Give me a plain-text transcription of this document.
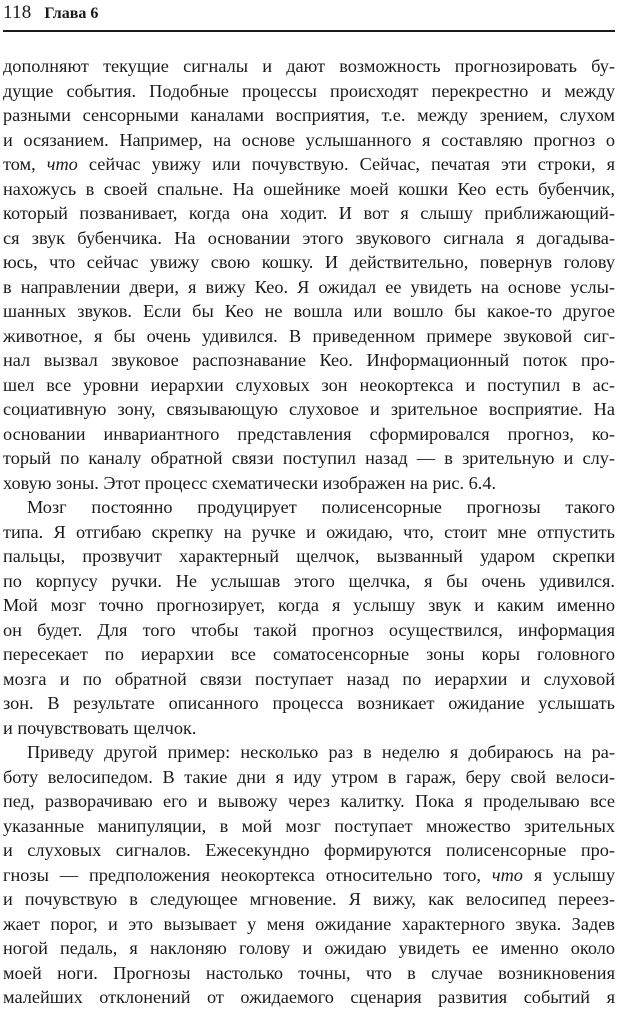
118 Глава 6
дополняют текущие сигналы и дают возможность прогнозировать бу-
дущие события. Подобные процессы происходят перекрестно и между
разными сенсорными каналами восприятия, т.е. между зрением, слухом
и осязанием. Например, на основе услышанного я составляю прогноз о
том, что сейчас увижу или почувствую. Сейчас, печатая эти строки, я
нахожусь в своей спальне. На ошейнике моей кошки Кео есть бубенчик,
который позванивает, когда она ходит. И вот я слышу приближающий-
ся звук бубенчика. На основании этого звукового сигнала я догадыва-
юсь, что сейчас увижу свою кошку. И действительно, повернув голову
в направлении двери, я вижу Кео. Я ожидал ее увидеть на основе услы-
шанных звуков. Если бы Кео не вошла или вошло бы какое-то другое
животное, я бы очень удивился. В приведенном примере звуковой сиг-
нал вызвал звуковое распознавание Кео. Информационный поток про-
шел все уровни иерархии слуховых зон неокортекса и поступил в ас-
социативную зону, связывающую слуховое и зрительное восприятие. На
основании инвариантного представления сформировался прогноз, ко-
торый по каналу обратной связи поступил назад — в зрительную и слу-
ховую зоны. Этот процесс схематически изображен на рис. 6.4.
Мозг постоянно продуцирует полисенсорные прогнозы такого
типа. Я отгибаю скрепку на ручке и ожидаю, что, стоит мне отпустить
пальцы, прозвучит характерный щелчок, вызванный ударом скрепки
по корпусу ручки. Не услышав этого щелчка, я бы очень удивился.
Мой мозг точно прогнозирует, когда я услышу звук и каким именно
он будет. Для того чтобы такой прогноз осуществился, информация
пересекает по иерархии все соматосенсорные зоны коры головного
мозга и по обратной связи поступает назад по иерархии и слуховой
зон. В результате описанного процесса возникает ожидание услышать
и почувствовать щелчок.
Приведу другой пример: несколько раз в неделю я добираюсь на ра-
боту велосипедом. В такие дни я иду утром в гараж, беру свой велоси-
пед, разворачиваю его и вывожу через калитку. Пока я проделываю все
указанные манипуляции, в мой мозг поступает множество зрительных
и слуховых сигналов. Ежесекундно формируются полисенсорные про-
гнозы — предположения неокортекса относительно того, что я услышу
и почувствую в следующее мгновение. Я вижу, как велосипед переез-
жает порог, и это вызывает у меня ожидание характерного звука. Задев
ногой педаль, я наклоняю голову и ожидаю увидеть ее именно около
моей ноги. Прогнозы настолько точны, что в случае возникновения
малейших отклонений от ожидаемого сценария развития событий я
